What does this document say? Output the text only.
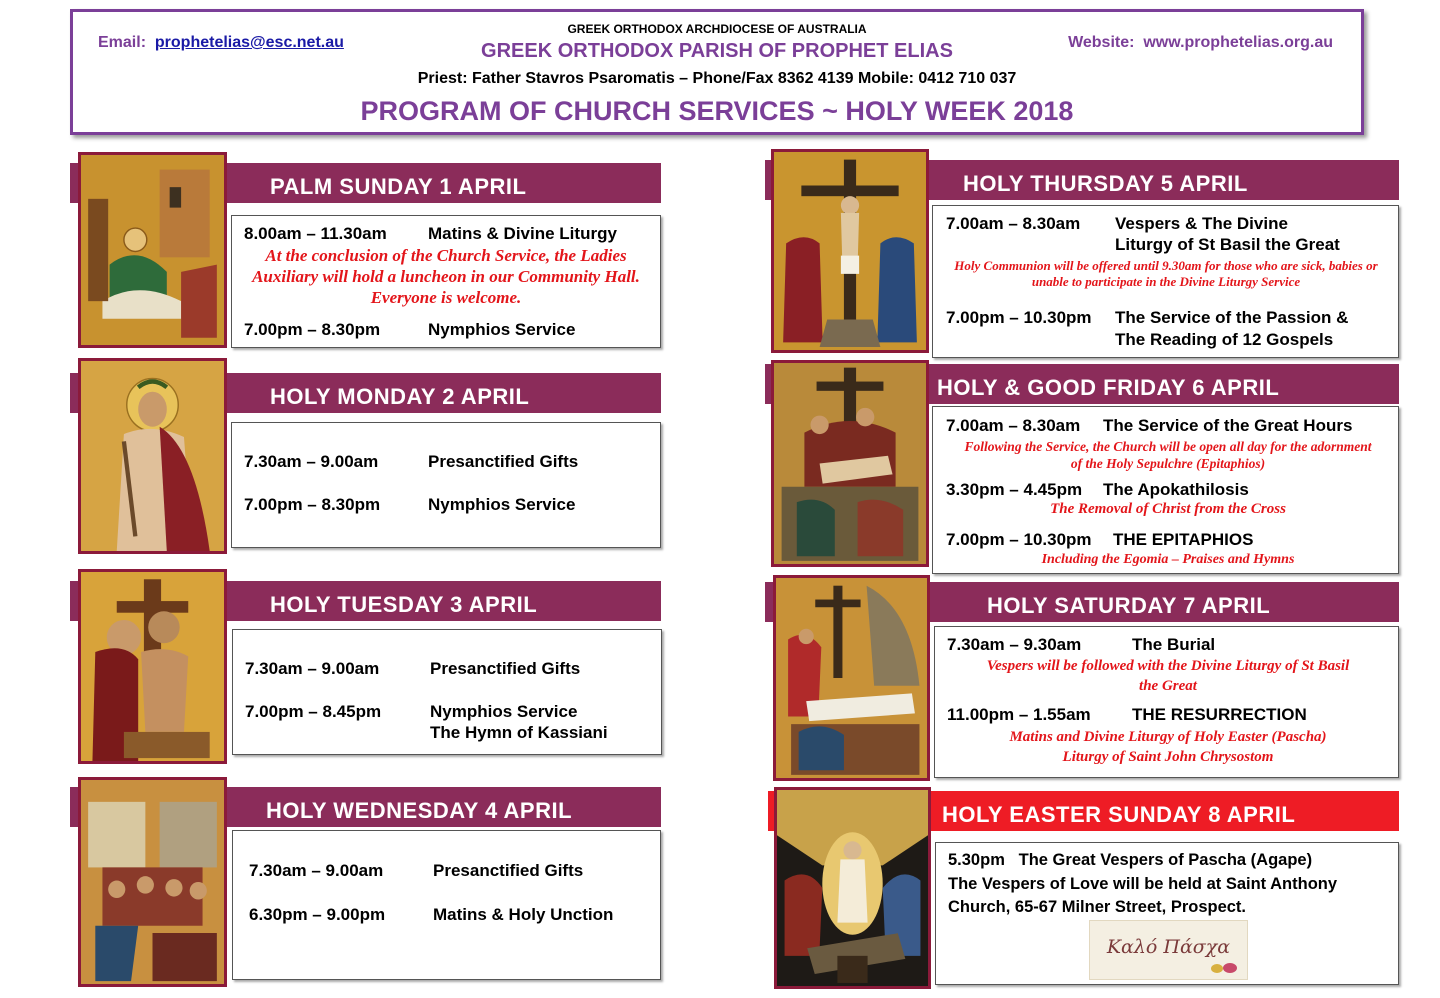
GREEK ORTHODOX ARCHDIOCESE OF AUSTRALIA
Email: prophetelias@esc.net.au	GREEK ORTHODOX PARISH OF PROPHET ELIAS	Website: www.prophetelias.org.au
Priest: Father Stavros Psaromatis – Phone/Fax 8362 4139 Mobile: 0412 710 037
PROGRAM OF CHURCH SERVICES ~ HOLY WEEK 2018
PALM SUNDAY 1 APRIL
8.00am – 11.30am Matins & Divine Liturgy
At the conclusion of the Church Service, the Ladies Auxiliary will hold a luncheon in our Community Hall. Everyone is welcome.
7.00pm – 8.30pm	Nymphios Service
HOLY MONDAY 2 APRIL
7.30am – 9.00am	Presanctified Gifts
7.00pm – 8.30pm	Nymphios Service
HOLY TUESDAY 3 APRIL
7.30am – 9.00am	Presanctified Gifts
7.00pm – 8.45pm	Nymphios Service
The Hymn of Kassiani
HOLY WEDNESDAY 4 APRIL
7.30am – 9.00am	Presanctified Gifts
6.30pm – 9.00pm	Matins & Holy Unction
HOLY THURSDAY 5 APRIL
7.00am – 8.30am Vespers & The Divine
Liturgy of St Basil the Great
Holy Communion will be offered until 9.30am for those who are sick, babies or unable to participate in the Divine Liturgy Service
7.00pm – 10.30pm The Service of the Passion &
The Reading of 12 Gospels
HOLY & GOOD FRIDAY 6 APRIL
7.00am – 8.30am The Service of the Great Hours
Following the Service, the Church will be open all day for the adornment of the Holy Sepulchre (Epitaphios)
3.30pm – 4.45pm The Apokathilosis
The Removal of Christ from the Cross
7.00pm – 10.30pm THE EPITAPHIOS
Including the Egomia – Praises and Hymns
HOLY SATURDAY 7 APRIL
7.30am – 9.30am	The Burial
Vespers will be followed with the Divine Liturgy of St Basil the Great
11.00pm – 1.55am THE RESURRECTION
Matins and Divine Liturgy of Holy Easter (Pascha)
Liturgy of Saint John Chrysostom
HOLY EASTER SUNDAY 8 APRIL
5.30pm The Great Vespers of Pascha (Agape)
The Vespers of Love will be held at Saint Anthony
Church, 65-67 Milner Street, Prospect.
Καλό Πάσχα
